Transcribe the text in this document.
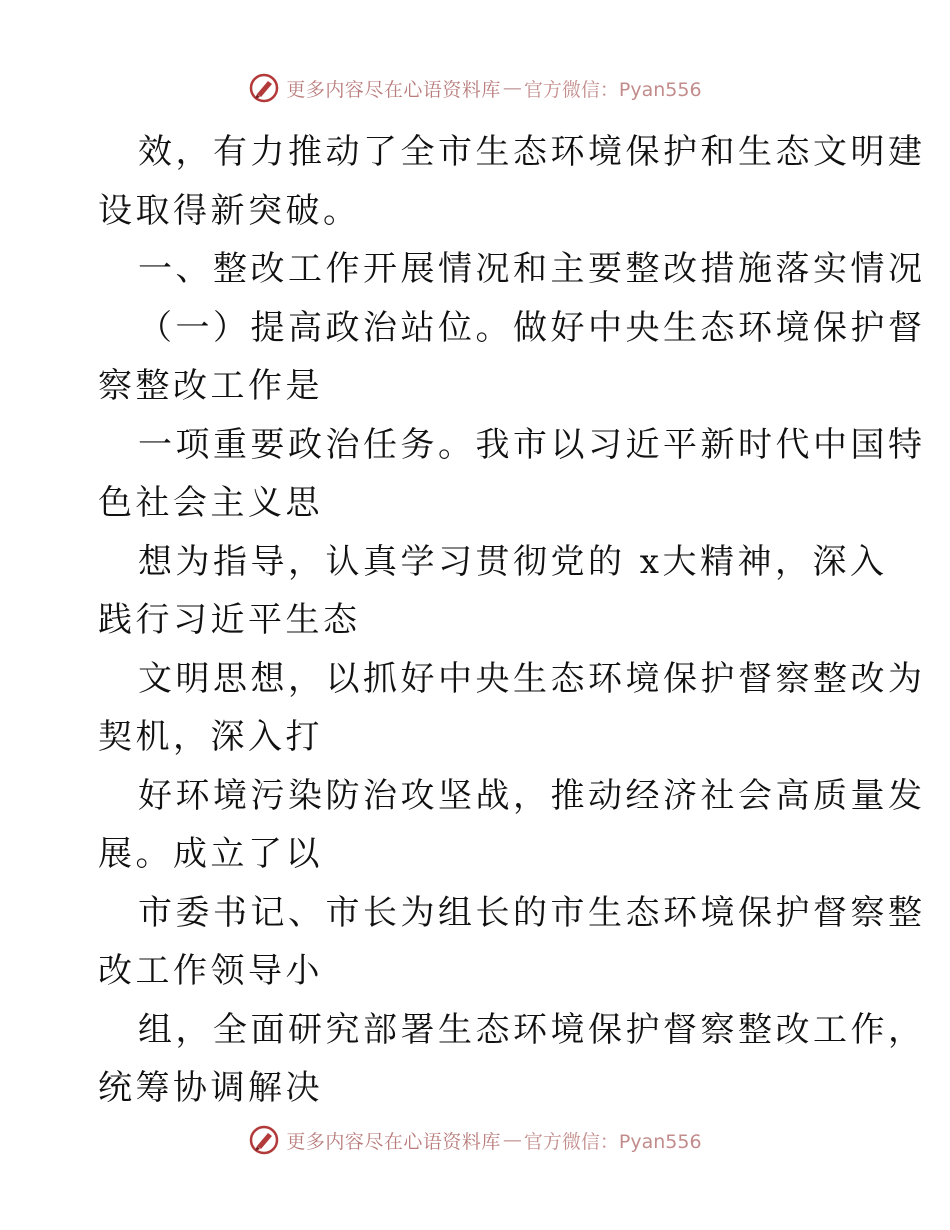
更多内容尽在心语资料库 — 官方微信：Pyan556

效，有力推动了全市生态环境保护和生态文明建

设取得新突破。

一、整改工作开展情况和主要整改措施落实情况

（一）提高政治站位。做好中央生态环境保护督

察整改工作是

一项重要政治任务。我市以习近平新时代中国特

色社会主义思

想为指导，认真学习贯彻党的 x大精神，深入

践行习近平生态

文明思想，以抓好中央生态环境保护督察整改为

契机，深入打

好环境污染防治攻坚战，推动经济社会高质量发

展。成立了以

市委书记、市长为组长的市生态环境保护督察整

改工作领导小

组，全面研究部署生态环境保护督察整改工作，

统筹协调解决

更多内容尽在心语资料库 — 官方微信：Pyan556
